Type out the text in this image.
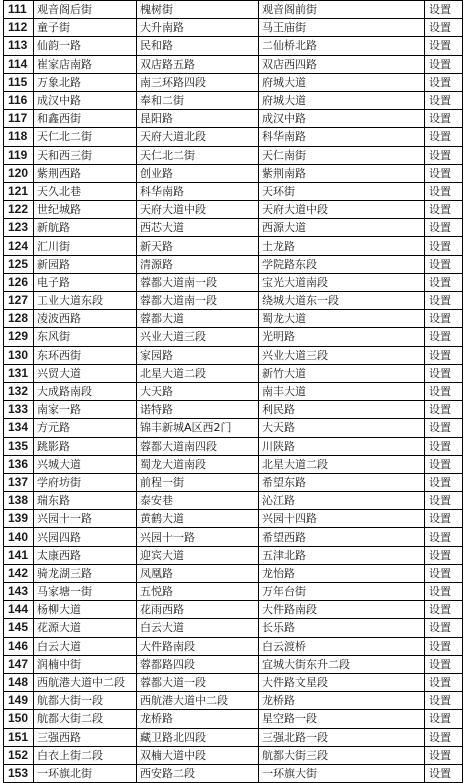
111	观音阁后街	槐树街	观音阁前街	设置
112	童子街	大升南路	马王庙街	设置
113	仙韵一路	民和路	二仙桥北路	设置
114	崔家店南路	双店路五路	双店西四路	设置
115	万象北路	南三环路四段	府城大道	设置
116	成汉中路	奉和二街	府城大道	设置
117	和鑫西街	昆阳路	成汉中路	设置
118	天仁北二街	天府大道北段	科华南路	设置
119	天和西三街	天仁北二街	天仁南街	设置
120	紫荆西路	创业路	紫荆南路	设置
121	天久北巷	科华南路	天环街	设置
122	世纪城路	天府大道中段	天府大道中段	设置
123	新航路	西芯大道	西源大道	设置
124	汇川街	新天路	土龙路	设置
125	新园路	清源路	学院路东段	设置
126	电子路	蓉都大道南一段	宝光大道南段	设置
127	工业大道东段	蓉都大道南一段	绕城大道东一段	设置
128	凌波西路	蓉都大道	蜀龙大道	设置
129	东风街	兴业大道三段	光明路	设置
130	东环西街	家园路	兴业大道三段	设置
131	兴贸大道	北星大道二段	新竹大道	设置
132	大成路南段	大天路	南丰大道	设置
133	南家一路	诺特路	利民路	设置
134	方元路	锦丰新城A区西2门	大天路	设置
135	跳影路	蓉都大道南四段	川陕路	设置
136	兴城大道	蜀龙大道南段	北星大道二段	设置
137	学府坊街	前程一街	希望东路	设置
138	瑞东路	泰安巷	沁江路	设置
139	兴园十一路	黄鹤大道	兴园十四路	设置
140	兴园四路	兴园十一路	希望西路	设置
141	太康西路	迎宾大道	五津北路	设置
142	骑龙湖三路	凤凰路	龙怡路	设置
143	马家塘一街	五悦路	万年台街	设置
144	杨柳大道	花雨西路	大件路南段	设置
145	花源大道	白云大道	长乐路	设置
146	白云大道	大件路南段	白云渡桥	设置
147	润楠中街	蓉都路四段	宜城大街东升二段	设置
148	西航港大道中二段	蓉都大道一段	大件路文星段	设置
149	航都大街一段	西航港大道中二段	龙桥路	设置
150	航都大街二段	龙桥路	星空路一段	设置
151	三强西路	藏卫路北四段	三强北路一段	设置
152	白衣上街二段	双楠大道中段	航都大街三段	设置
153	一环旗北街	西安路二段	一环旗大街	设置
